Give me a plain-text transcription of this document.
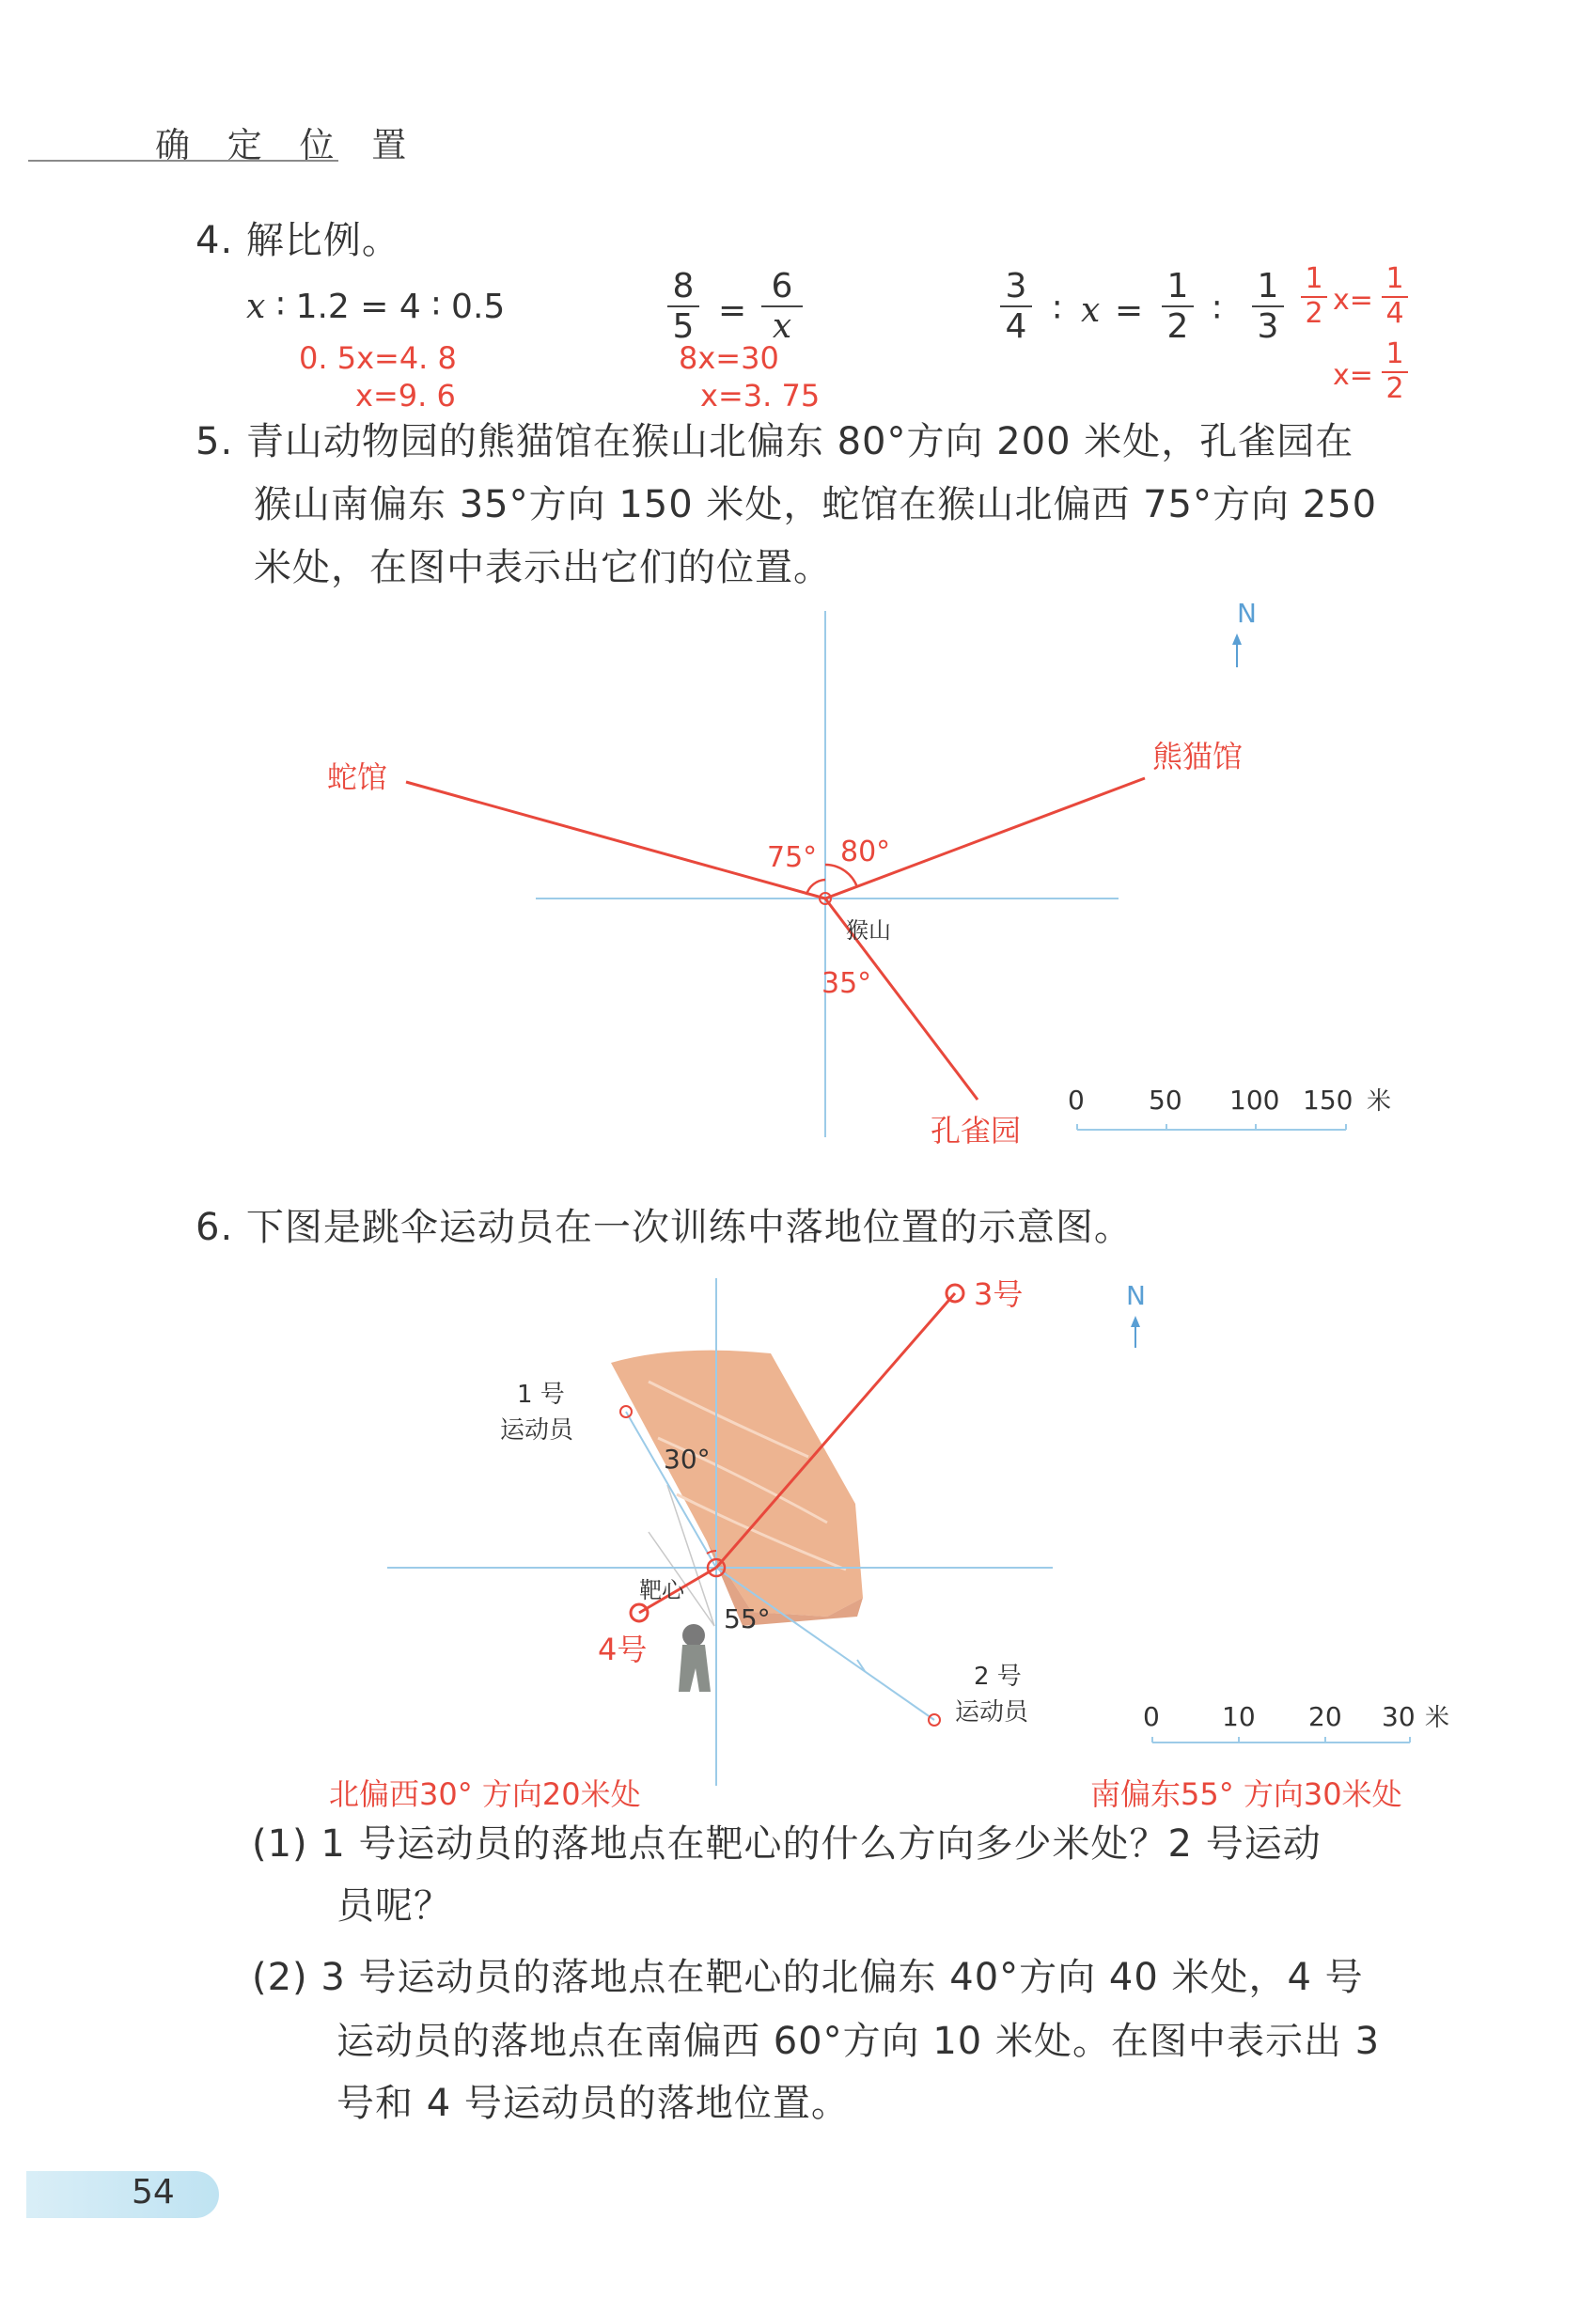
确 定 位 置
4. 解比例。
x ∶ 1.2 = 4 ∶ 0.5
0. 5x=4. 8
x=9. 6
8
5 =
6
x
8x=30
x=3. 75
3
4 ∶ x =
1
2 ∶
1
3
1
2 x=
1
4
x=
1
2
5. 青山动物园的熊猫馆在猴山北偏东 80°方向 200 米处，孔雀园在
猴山南偏东 35°方向 150 米处，蛇馆在猴山北偏西 75°方向 250
米处，在图中表示出它们的位置。
N
蛇馆
熊猫馆
孔雀园
猴山
75° 80°
35°
0 50 100 150 米
6. 下图是跳伞运动员在一次训练中落地位置的示意图。
N
1 号
运动员
2 号
运动员
3号
4号
靶心
30°
55°
0 10 20 30 米
北偏西30° 方向20米处	南偏东55° 方向30米处
(1) 1 号运动员的落地点在靶心的什么方向多少米处？2 号运动
员呢？
(2) 3 号运动员的落地点在靶心的北偏东 40°方向 40 米处，4 号
运动员的落地点在南偏西 60°方向 10 米处。在图中表示出 3
号和 4 号运动员的落地位置。
54
